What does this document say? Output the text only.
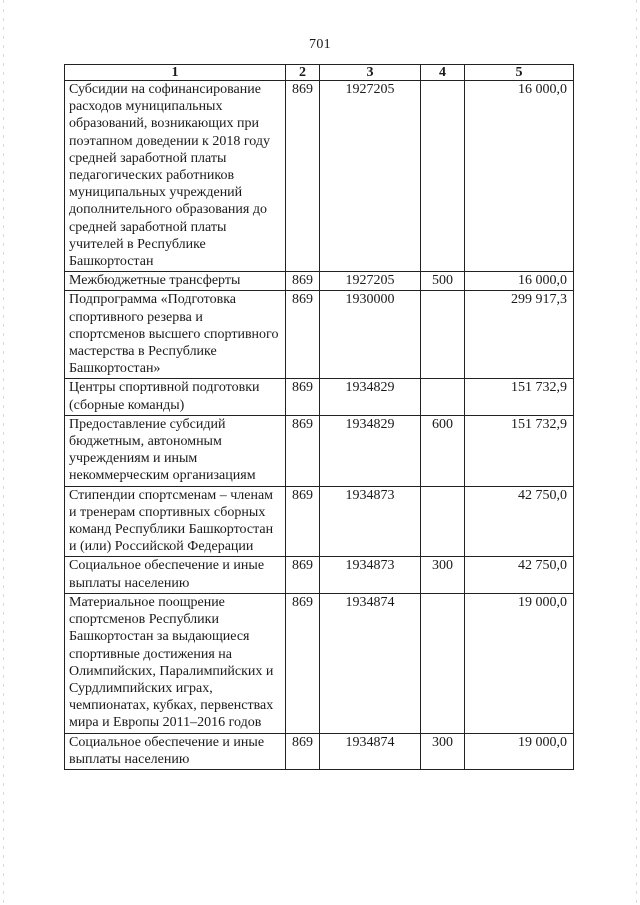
701
1	2	3	4	5
Субсидии на софинансирование расходов муниципальных образований, возникающих при поэтапном доведении к 2018 году средней заработной платы педагогических работников муниципальных учреждений дополнительного образования до средней заработной платы учителей в Республике Башкортостан	869	1927205		16 000,0
Межбюджетные трансферты	869	1927205	500	16 000,0
Подпрограмма «Подготовка спортивного резерва и спортсменов высшего спортивного мастерства в Республике Башкортостан»	869	1930000		299 917,3
Центры спортивной подготовки (сборные команды)	869	1934829		151 732,9
Предоставление субсидий бюджетным, автономным учреждениям и иным некоммерческим организациям	869	1934829	600	151 732,9
Стипендии спортсменам – членам и тренерам спортивных сборных команд Республики Башкортостан и (или) Российской Федерации	869	1934873		42 750,0
Социальное обеспечение и иные выплаты населению	869	1934873	300	42 750,0
Материальное поощрение спортсменов Республики Башкортостан за выдающиеся спортивные достижения на Олимпийских, Паралимпийских и Сурдлимпийских играх, чемпионатах, кубках, первенствах мира и Европы 2011–2016 годов	869	1934874		19 000,0
Социальное обеспечение и иные выплаты населению	869	1934874	300	19 000,0
